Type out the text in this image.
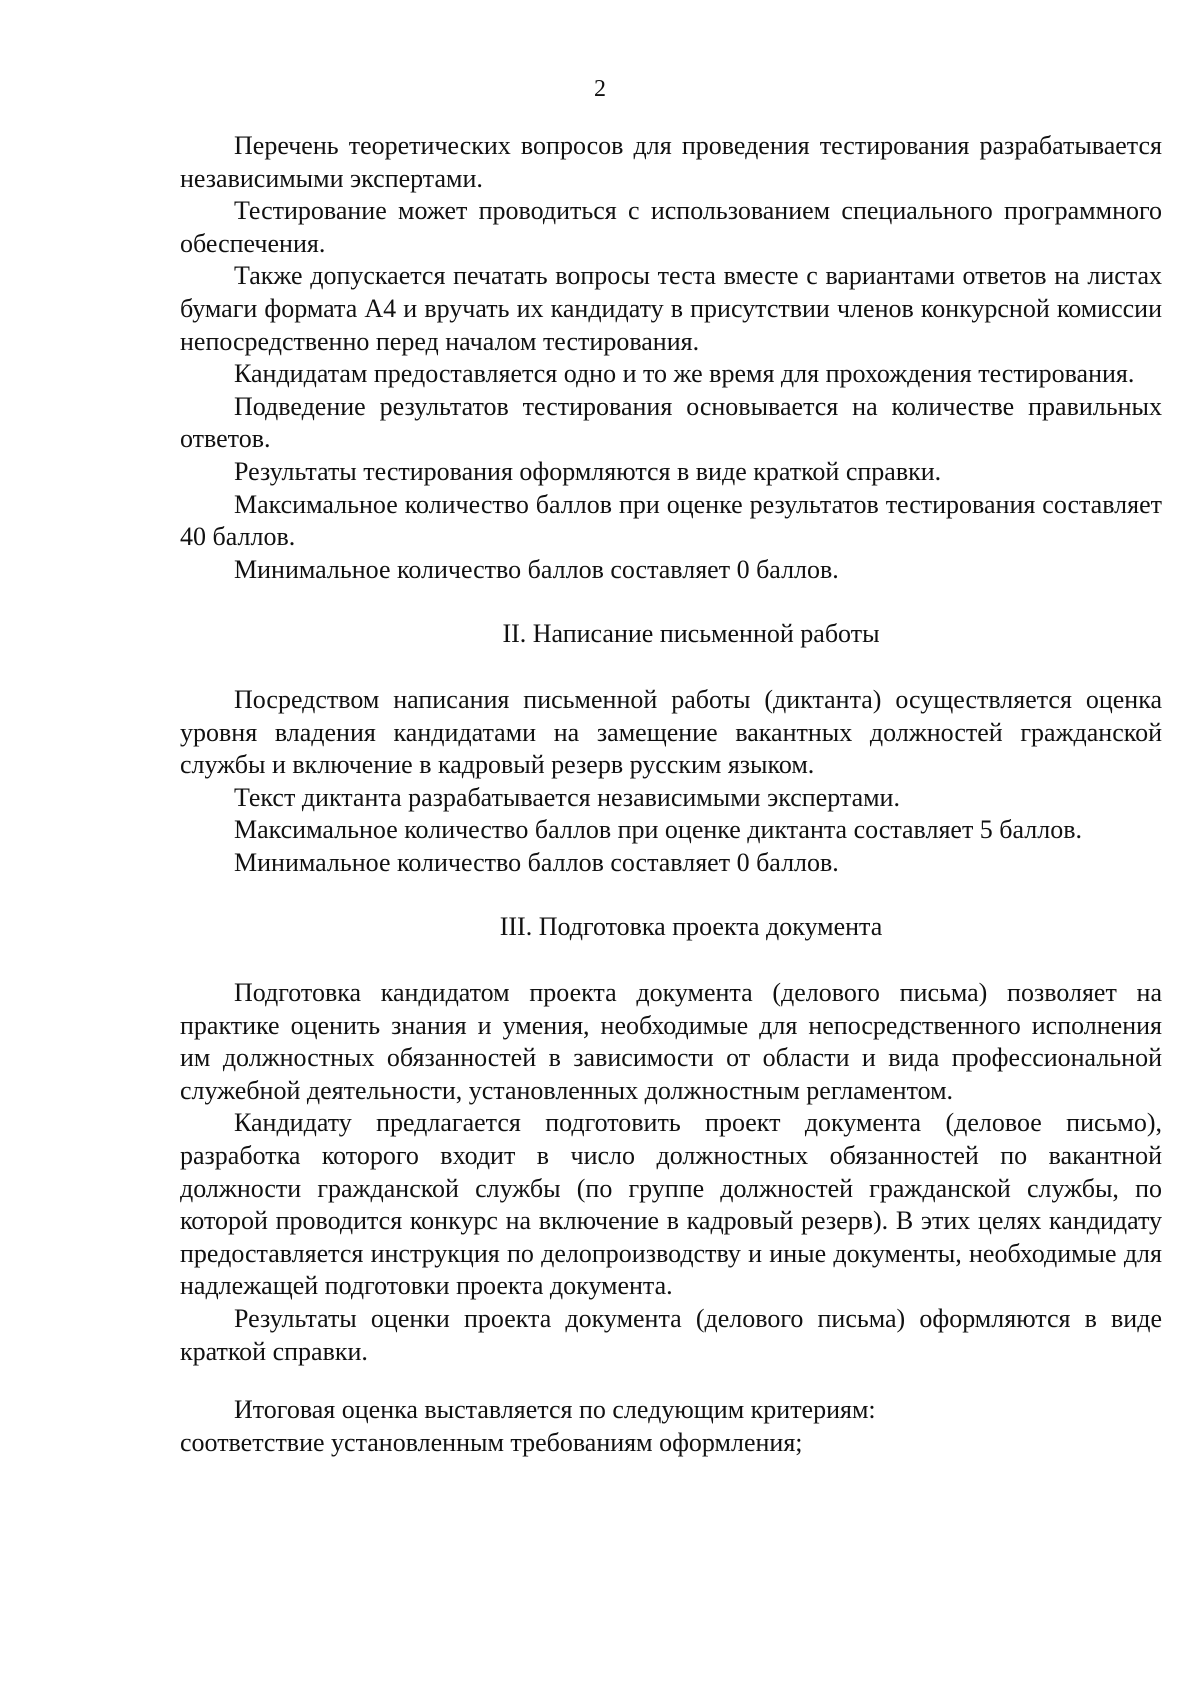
2

Перечень теоретических вопросов для проведения тестирования разрабатывается независимыми экспертами.

Тестирование может проводиться с использованием специального программного обеспечения.

Также допускается печатать вопросы теста вместе с вариантами ответов на листах бумаги формата А4 и вручать их кандидату в присутствии членов конкурсной комиссии непосредственно перед началом тестирования.

Кандидатам предоставляется одно и то же время для прохождения тестирования.

Подведение результатов тестирования основывается на количестве правильных ответов.

Результаты тестирования оформляются в виде краткой справки.

Максимальное количество баллов при оценке результатов тестирования составляет 40 баллов.

Минимальное количество баллов составляет 0 баллов.

II. Написание письменной работы

Посредством написания письменной работы (диктанта) осуществляется оценка уровня владения кандидатами на замещение вакантных должностей гражданской службы и включение в кадровый резерв русским языком.

Текст диктанта разрабатывается независимыми экспертами.

Максимальное количество баллов при оценке диктанта составляет 5 баллов.

Минимальное количество баллов составляет 0 баллов.

III. Подготовка проекта документа

Подготовка кандидатом проекта документа (делового письма) позволяет на практике оценить знания и умения, необходимые для непосредственного исполнения им должностных обязанностей в зависимости от области и вида профессиональной служебной деятельности, установленных должностным регламентом.

Кандидату предлагается подготовить проект документа (деловое письмо), разработка которого входит в число должностных обязанностей по вакантной должности гражданской службы (по группе должностей гражданской службы, по которой проводится конкурс на включение в кадровый резерв). В этих целях кандидату предоставляется инструкция по делопроизводству и иные документы, необходимые для надлежащей подготовки проекта документа.

Результаты оценки проекта документа (делового письма) оформляются в виде краткой справки.

Итоговая оценка выставляется по следующим критериям:

соответствие установленным требованиям оформления;
